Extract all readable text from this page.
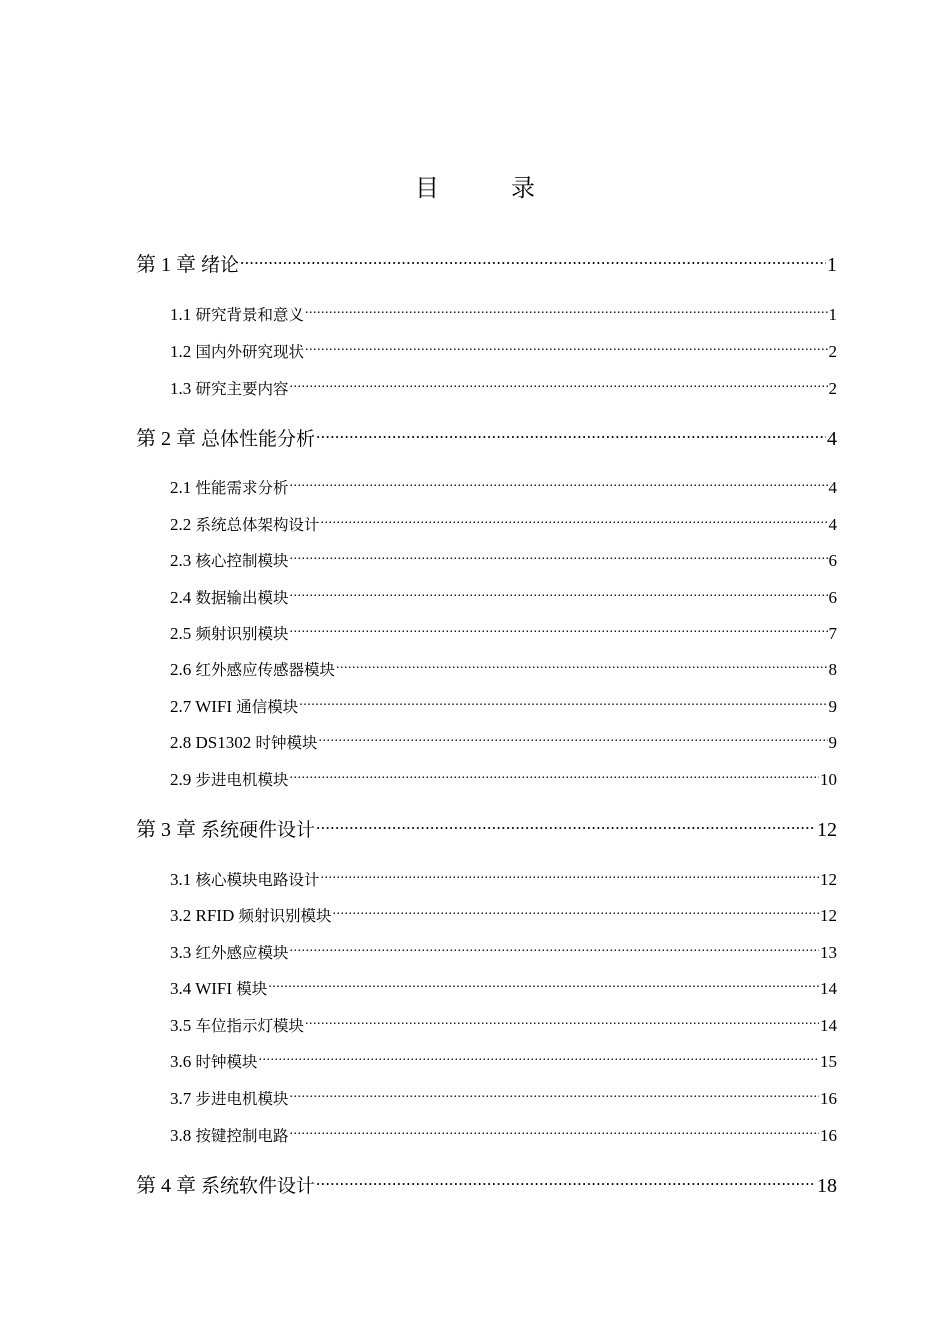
目　录
第 1 章 绪论 .....	1
1.1 研究背景和意义 .....	1
1.2 国内外研究现状 .....	2
1.3 研究主要内容 .....	2
第 2 章 总体性能分析 .....	4
2.1 性能需求分析 .....	4
2.2 系统总体架构设计 .....	4
2.3 核心控制模块 .....	6
2.4 数据输出模块 .....	6
2.5 频射识别模块 .....	7
2.6 红外感应传感器模块 .....	8
2.7 WIFI 通信模块 .....	9
2.8 DS1302 时钟模块 .....	9
2.9 步进电机模块 .....	10
第 3 章 系统硬件设计 .....	12
3.1 核心模块电路设计 .....	12
3.2 RFID 频射识别模块 .....	12
3.3 红外感应模块 .....	13
3.4 WIFI 模块 .....	14
3.5 车位指示灯模块 .....	14
3.6 时钟模块 .....	15
3.7 步进电机模块 .....	16
3.8 按键控制电路 .....	16
第 4 章 系统软件设计 .....	18
